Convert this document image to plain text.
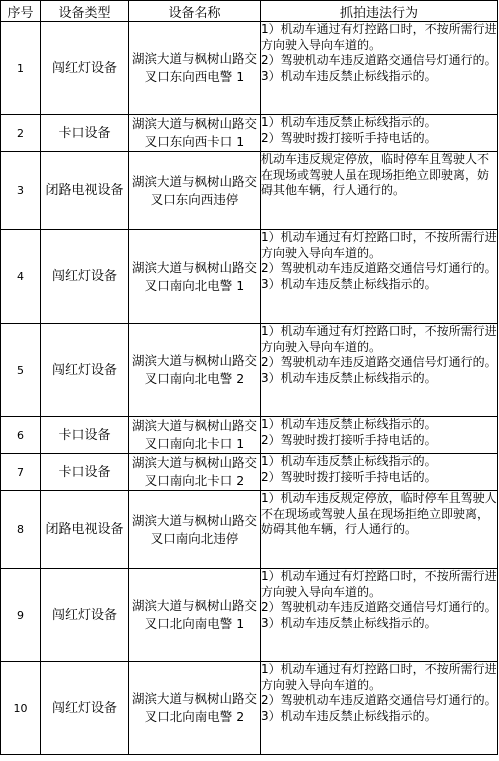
序号	设备类型	设备名称	抓拍违法行为
1	闯红灯设备	湖滨大道与枫树山路交叉口东向西电警 1	1）机动车通过有灯控路口时，不按所需行进方向驶入导向车道的。
2）驾驶机动车违反道路交通信号灯通行的。
3）机动车违反禁止标线指示的。

2	卡口设备	湖滨大道与枫树山路交叉口东向西卡口 1	1）机动车违反禁止标线指示的。
2）驾驶时拨打接听手持电话的。

3	闭路电视设备	湖滨大道与枫树山路交叉口东向西违停	机动车违反规定停放，临时停车且驾驶人不在现场或驾驶人虽在现场拒绝立即驶离，妨碍其他车辆，行人通行的。

4	闯红灯设备	湖滨大道与枫树山路交叉口南向北电警 1	1）机动车通过有灯控路口时，不按所需行进方向驶入导向车道的。
2）驾驶机动车违反道路交通信号灯通行的。
3）机动车违反禁止标线指示的。

5	闯红灯设备	湖滨大道与枫树山路交叉口南向北电警 2	1）机动车通过有灯控路口时，不按所需行进方向驶入导向车道的。
2）驾驶机动车违反道路交通信号灯通行的。
3）机动车违反禁止标线指示的。

6	卡口设备	湖滨大道与枫树山路交叉口南向北卡口 1	1）机动车违反禁止标线指示的。
2）驾驶时拨打接听手持电话的。

7	卡口设备	湖滨大道与枫树山路交叉口南向北卡口 2	1）机动车违反禁止标线指示的。
2）驾驶时拨打接听手持电话的。

8	闭路电视设备	湖滨大道与枫树山路交叉口南向北违停	1）机动车违反规定停放，临时停车且驾驶人不在现场或驾驶人虽在现场拒绝立即驶离，妨碍其他车辆，行人通行的。

9	闯红灯设备	湖滨大道与枫树山路交叉口北向南电警 1	1）机动车通过有灯控路口时，不按所需行进方向驶入导向车道的。
2）驾驶机动车违反道路交通信号灯通行的。
3）机动车违反禁止标线指示的。

10	闯红灯设备	湖滨大道与枫树山路交叉口北向南电警 2	1）机动车通过有灯控路口时，不按所需行进方向驶入导向车道的。
2）驾驶机动车违反道路交通信号灯通行的。
3）机动车违反禁止标线指示的。
